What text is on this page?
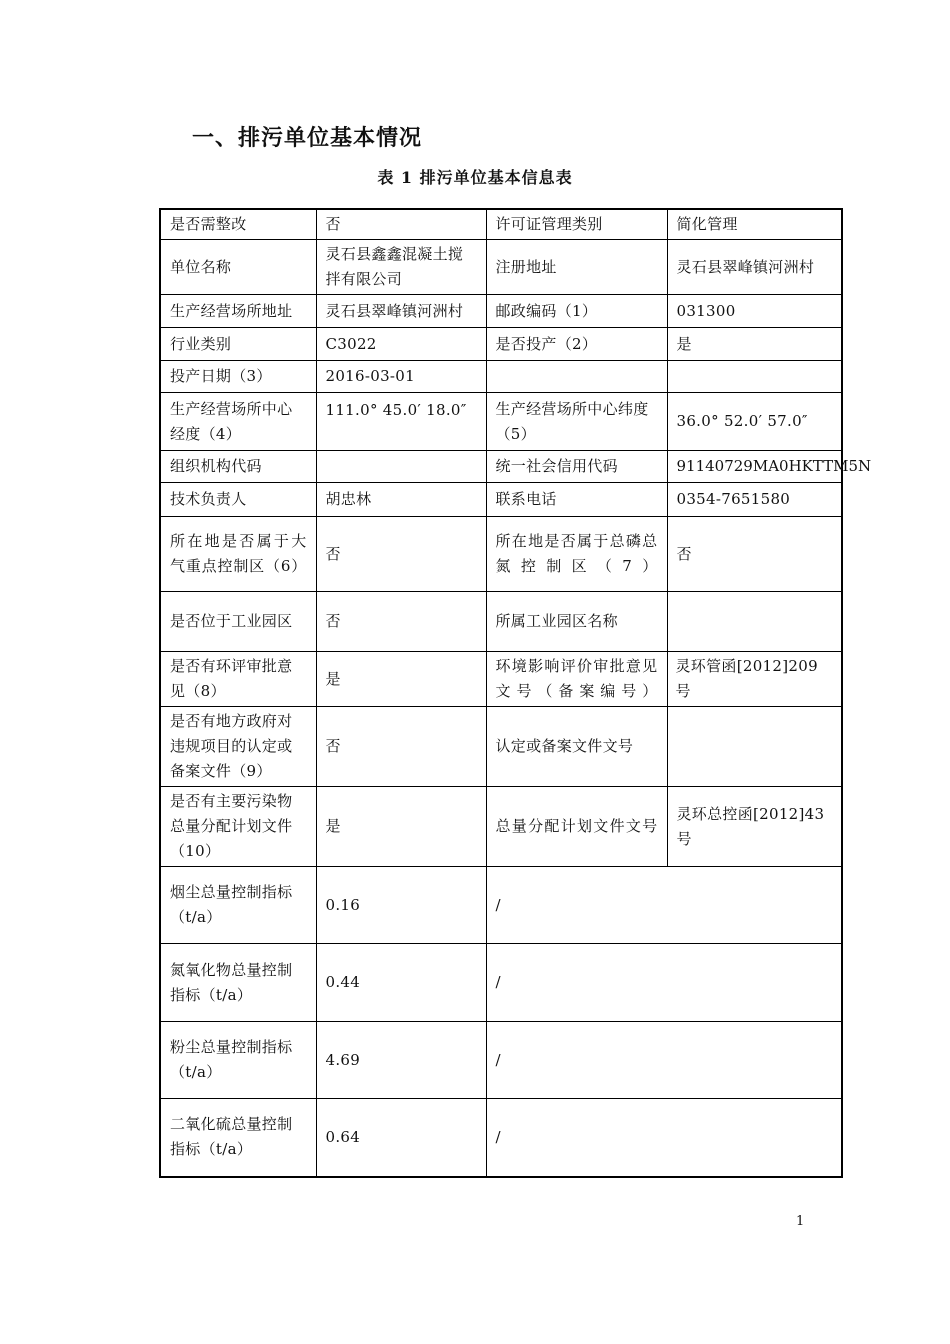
一、排污单位基本情况
表 1 排污单位基本信息表
是否需整改	否	许可证管理类别	简化管理
单位名称	灵石县鑫鑫混凝土搅拌有限公司	注册地址	灵石县翠峰镇河洲村
生产经营场所地址	灵石县翠峰镇河洲村	邮政编码（1）	031300
行业类别	C3022	是否投产（2）	是
投产日期（3）	2016-03-01		
生产经营场所中心经度（4）	111.0° 45.0′ 18.0″	生产经营场所中心纬度（5）	36.0° 52.0′ 57.0″
组织机构代码		统一社会信用代码	91140729MA0HKTTM5N
技术负责人	胡忠林	联系电话	0354-7651580
所在地是否属于大气重点控制区（6）	否	所在地是否属于总磷总氮控制区（7）	否
是否位于工业园区	否	所属工业园区名称	
是否有环评审批意见（8）	是	环境影响评价审批意见文号（备案编号）	灵环管函[2012]209 号
是否有地方政府对违规项目的认定或备案文件（9）	否	认定或备案文件文号	
是否有主要污染物总量分配计划文件（10）	是	总量分配计划文件文号	灵环总控函[2012]43 号
烟尘总量控制指标（t/a）	0.16	/	
氮氧化物总量控制指标（t/a）	0.44	/	
粉尘总量控制指标（t/a）	4.69	/	
二氧化硫总量控制指标（t/a）	0.64	/	
1
